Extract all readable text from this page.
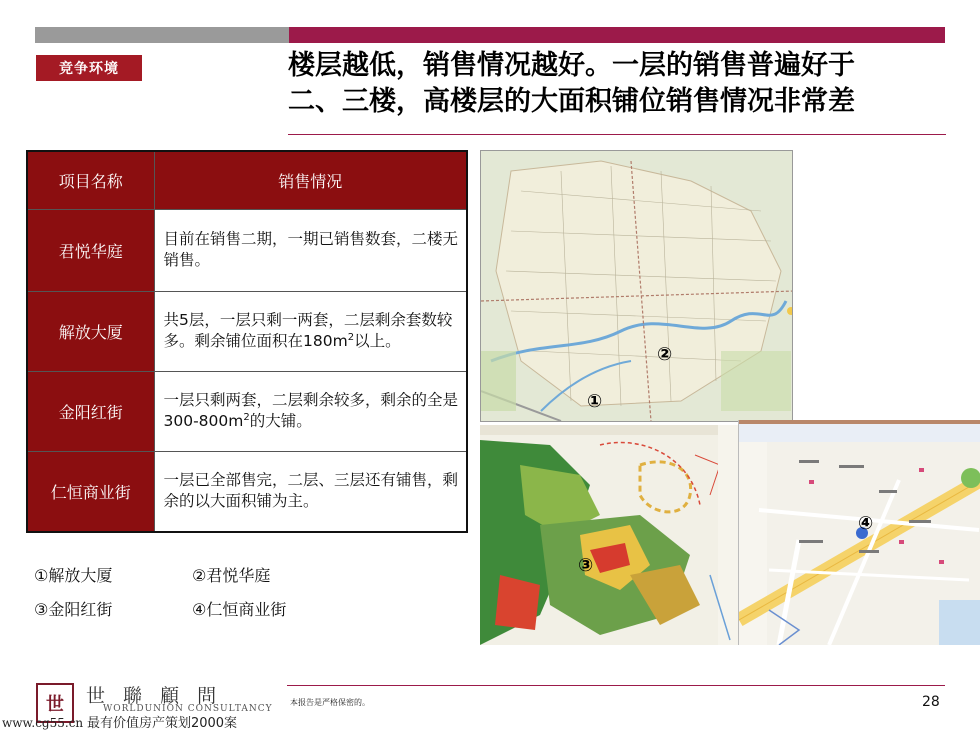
竞争环境	楼层越低，销售情况越好。一层的销售普遍好于
二、三楼，高楼层的大面积铺位销售情况非常差
项目名称	销售情况
君悦华庭	目前在销售二期，一期已销售数套，二楼无销售。
解放大厦	共5层，一层只剩一两套，二层剩余套数较多。剩余铺位面积在$180m^2$以上。
金阳红街	一层只剩两套，二层剩余较多，剩余的全是$300-800m^2$的大铺。
仁恒商业街	一层已全部售完，二层、三层还有铺售，剩余的以大面积铺为主。
①解放大厦	②君悦华庭
③金阳红街	④仁恒商业街
②
①
③
④
世	世 聯 顧 問
WORLDUNION CONSULTANCY
本报告是严格保密的。	28
www.cg55.cn 最有价值房产策划2000案
